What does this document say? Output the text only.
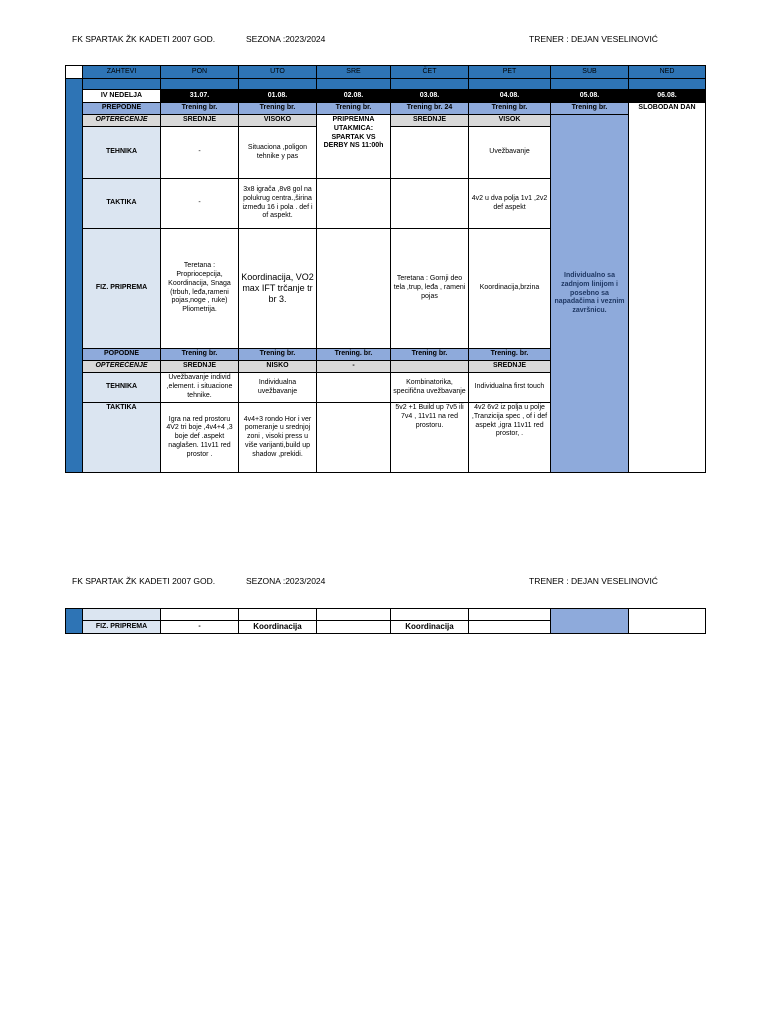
FK SPARTAK ŽK KADETI 2007 GOD.	SEZONA :2023/2024	TRENER : DEJAN VESELINOVIĆ
	ZAHTEVI	PON	UTO	SRE	ČET	PET	SUB	NED

	IV NEDELJA	31.07.	01.08.	02.08.	03.08.	04.08.	05.08.	06.08.
	PREPODNE	Trening br.	Trening br.	Trening br.	Trening br. 24	Trening br.	Trening br.	SLOBODAN DAN
	OPTEREĆENJE	SREDNJE	VISOKO	PRIPREMNA UTAKMICA: SPARTAK VS DERBY NS 11:00h	SREDNJE	VISOK	Individualno sa zadnjom linijom i posebno sa napadačima i veznim završnicu.	

	TEHNIKA	-	Situaciona ,poligon tehnike y pas			Uvežbavanje		
	TAKTIKA	-	3x8 igrača ,8v8 gol na polukrug centra.,širina između 16 i pola . def i of aspekt.			4v2 u dva polja 1v1 ,2v2 def aspekt		
	FIZ. PRIPREMA	Teretana : Propriocepcija, Koordinacija, Snaga (trbuh, leđa,rameni pojas,noge , ruke) Pliometrija.	Koordinacija, VO2 max IFT trčanje tr br 3.		Teretana : Gornji deo tela ,trup, leđa , rameni pojas	Koordinacija,brzina		
	POPODNE	Trening br.	Trening br.	Trening. br.	Trening br.	Trening. br.		
	OPTEREĆENJE	SREDNJE	NISKO	-		SREDNJE		
	TEHNIKA	Uvežbavanje individ ,element. i situacione tehnike.	Individualna uvežbavanje		Kombinatorika, specifična uvežbavanje	Individualna first touch		
	TAKTIKA	Igra na red prostoru 4V2 tri boje ,4v4+4 ,3 boje def .aspekt naglašen. 11v11 red prostor .	4v4+3 rondo Hor i ver pomeranje u srednjoj zoni , visoki press u više varijanti,build up shadow ,prekidi.		5v2 +1 Build up 7v5 ili 7v4 , 11v11 na red prostoru.	4v2 6v2 iz polja u polje ,Tranzicija spec , of i def aspekt ,igra 11v11 red prostor, .		
FK SPARTAK ŽK KADETI 2007 GOD.	SEZONA :2023/2024	TRENER : DEJAN VESELINOVIĆ

	FIZ. PRIPREMA	-	Koordinacija		Koordinacija			
